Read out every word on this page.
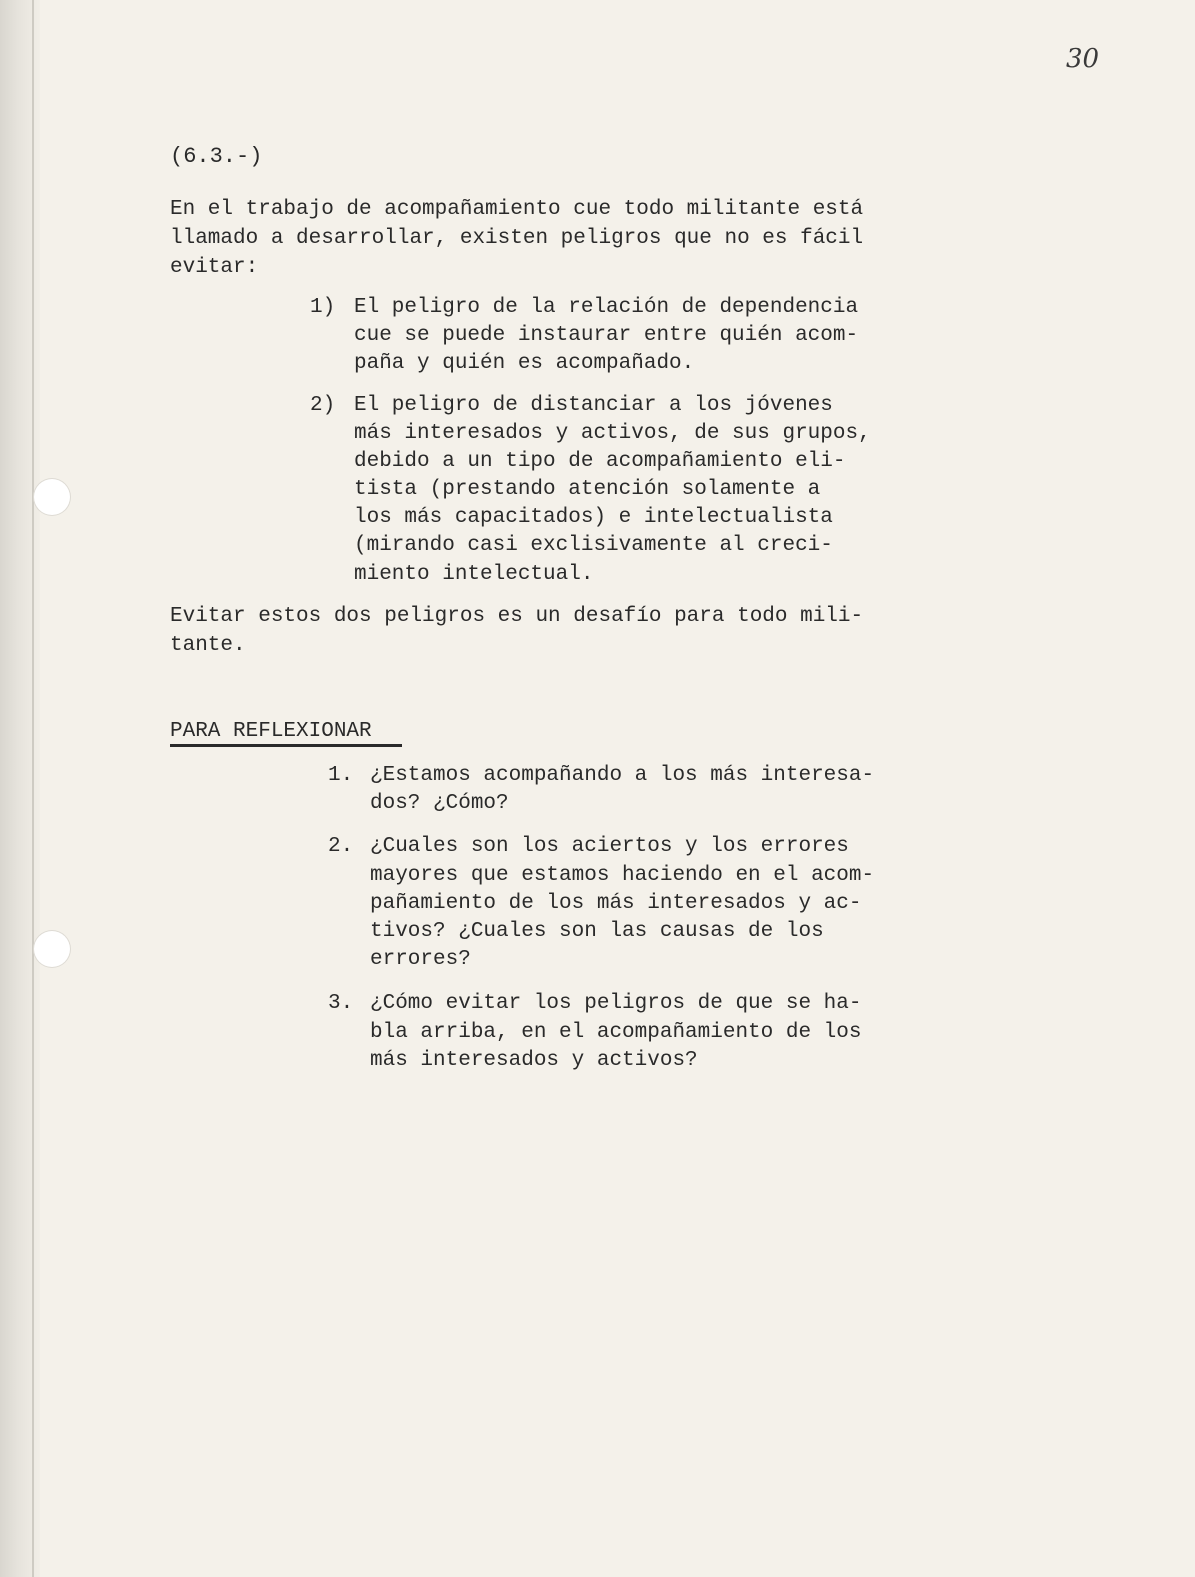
30
(6.3.-)
En el trabajo de acompañamiento cue todo militante está
llamado a desarrollar, existen peligros que no es fácil
evitar:
1) El peligro de la relación de dependencia
cue se puede instaurar entre quién acom-
paña y quién es acompañado.
2) El peligro de distanciar a los jóvenes
más interesados y activos, de sus grupos,
debido a un tipo de acompañamiento eli-
tista (prestando atención solamente a
los más capacitados) e intelectualista
(mirando casi exclisivamente al creci-
miento intelectual.
Evitar estos dos peligros es un desafío para todo mili-
tante.
PARA REFLEXIONAR
1. ¿Estamos acompañando a los más interesa-
dos? ¿Cómo?
2. ¿Cuales son los aciertos y los errores
mayores que estamos haciendo en el acom-
pañamiento de los más interesados y ac-
tivos? ¿Cuales son las causas de los
errores?
3. ¿Cómo evitar los peligros de que se ha-
bla arriba, en el acompañamiento de los
más interesados y activos?
